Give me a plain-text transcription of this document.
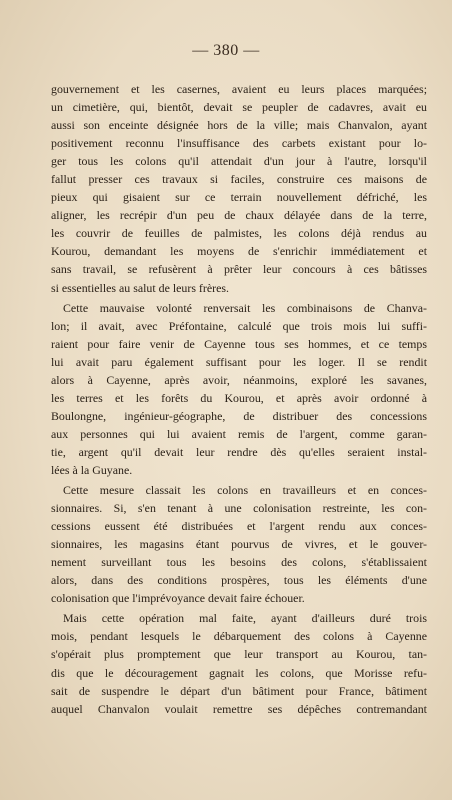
— 380 —
gouvernement et les casernes, avaient eu leurs places marquées;
un cimetière, qui, bientôt, devait se peupler de cadavres, avait eu
aussi son enceinte désignée hors de la ville; mais Chanvalon, ayant
positivement reconnu l'insuffisance des carbets existant pour lo-
ger tous les colons qu'il attendait d'un jour à l'autre, lorsqu'il
fallut presser ces travaux si faciles, construire ces maisons de
pieux qui gisaient sur ce terrain nouvellement défriché, les
aligner, les recrépir d'un peu de chaux délayée dans de la terre,
les couvrir de feuilles de palmistes, les colons déjà rendus au
Kourou, demandant les moyens de s'enrichir immédiatement et
sans travail, se refusèrent à prêter leur concours à ces bâtisses
si essentielles au salut de leurs frères.
Cette mauvaise volonté renversait les combinaisons de Chanva-
lon; il avait, avec Préfontaine, calculé que trois mois lui suffi-
raient pour faire venir de Cayenne tous ses hommes, et ce temps
lui avait paru également suffisant pour les loger. Il se rendit
alors à Cayenne, après avoir, néanmoins, exploré les savanes,
les terres et les forêts du Kourou, et après avoir ordonné à
Boulongne, ingénieur-géographe, de distribuer des concessions
aux personnes qui lui avaient remis de l'argent, comme garan-
tie, argent qu'il devait leur rendre dès qu'elles seraient instal-
lées à la Guyane.
Cette mesure classait les colons en travailleurs et en conces-
sionnaires. Si, s'en tenant à une colonisation restreinte, les con-
cessions eussent été distribuées et l'argent rendu aux conces-
sionnaires, les magasins étant pourvus de vivres, et le gouver-
nement surveillant tous les besoins des colons, s'établissaient
alors, dans des conditions prospères, tous les éléments d'une
colonisation que l'imprévoyance devait faire échouer.
Mais cette opération mal faite, ayant d'ailleurs duré trois
mois, pendant lesquels le débarquement des colons à Cayenne
s'opérait plus promptement que leur transport au Kourou, tan-
dis que le découragement gagnait les colons, que Morisse refu-
sait de suspendre le départ d'un bâtiment pour France, bâtiment
auquel Chanvalon voulait remettre ses dépêches contremandant
